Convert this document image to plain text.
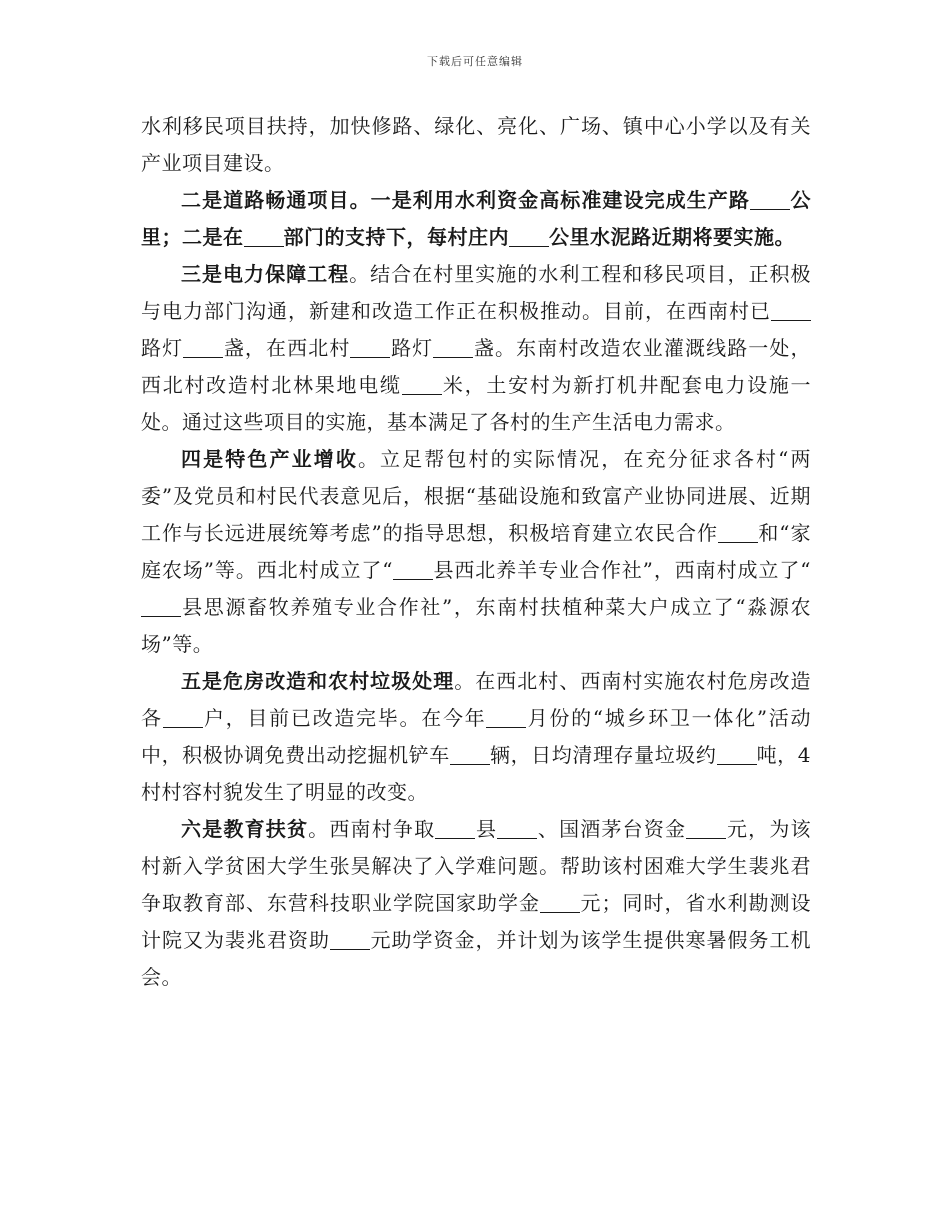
下载后可任意编辑

水利移民项目扶持，加快修路、绿化、亮化、广场、镇中心小学以及有关产业项目建设。

二是道路畅通项目。一是利用水利资金高标准建设完成生产路 公里；二是在 部门的支持下，每村庄内 公里水泥路近期将要实施。

三是电力保障工程。结合在村里实施的水利工程和移民项目，正积极与电力部门沟通，新建和改造工作正在积极推动。目前，在西南村已路灯 盏，在西北村 路灯 盏。东南村改造农业灌溉线路一处，西北村改造村北林果地电缆 米，土安村为新打机井配套电力设施一处。通过这些项目的实施，基本满足了各村的生产生活电力需求。

四是特色产业增收。立足帮包村的实际情况，在充分征求各村“两委”及党员和村民代表意见后，根据“基础设施和致富产业协同进展、近期工作与长远进展统筹考虑”的指导思想，积极培育建立农民合作 和“家庭农场”等。西北村成立了“ 县西北养羊专业合作社”，西南村成立了“县思源畜牧养殖专业合作社”，东南村扶植种菜大户成立了“淼源农场”等。

五是危房改造和农村垃圾处理。在西北村、西南村实施农村危房改造各 户，目前已改造完毕。在今年 月份的“城乡环卫一体化”活动中，积极协调免费出动挖掘机铲车 辆，日均清理存量垃圾约 吨，4村村容村貌发生了明显的改变。

六是教育扶贫。西南村争取 县 、国酒茅台资金 元，为该村新入学贫困大学生张昊解决了入学难问题。帮助该村困难大学生裴兆君争取教育部、东营科技职业学院国家助学金 元；同时，省水利勘测设计院又为裴兆君资助 元助学资金，并计划为该学生提供寒暑假务工机会。
